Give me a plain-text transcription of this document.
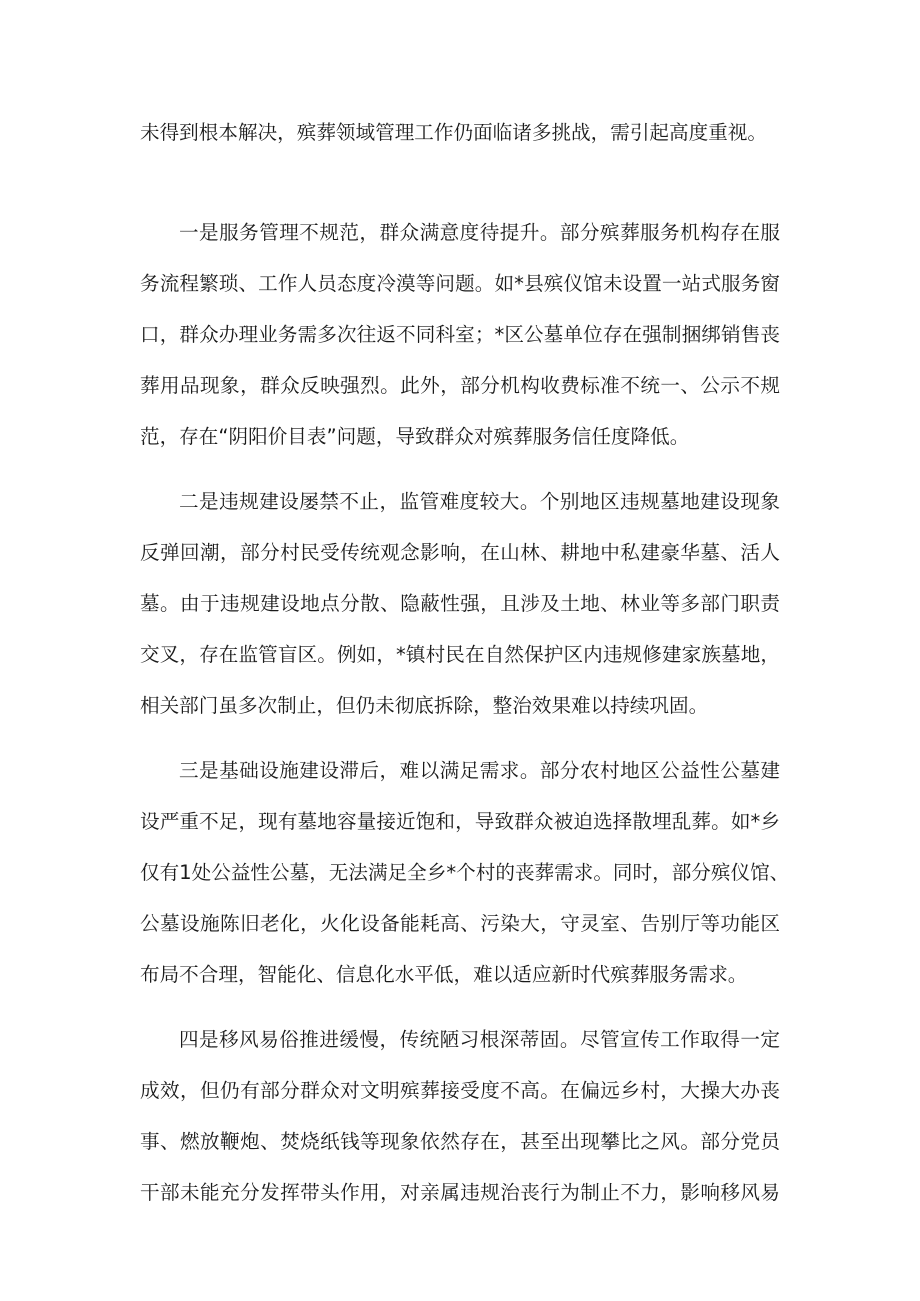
未得到根本解决，殡葬领域管理工作仍面临诸多挑战，需引起高度重视。
一是服务管理不规范，群众满意度待提升。部分殡葬服务机构存在服
务流程繁琐、工作人员态度冷漠等问题。如*县殡仪馆未设置一站式服务窗
口，群众办理业务需多次往返不同科室；*区公墓单位存在强制捆绑销售丧
葬用品现象，群众反映强烈。此外，部分机构收费标准不统一、公示不规
范，存在“阴阳价目表”问题，导致群众对殡葬服务信任度降低。
二是违规建设屡禁不止，监管难度较大。个别地区违规墓地建设现象
反弹回潮，部分村民受传统观念影响，在山林、耕地中私建豪华墓、活人
墓。由于违规建设地点分散、隐蔽性强，且涉及土地、林业等多部门职责
交叉，存在监管盲区。例如，*镇村民在自然保护区内违规修建家族墓地，
相关部门虽多次制止，但仍未彻底拆除，整治效果难以持续巩固。
三是基础设施建设滞后，难以满足需求。部分农村地区公益性公墓建
设严重不足，现有墓地容量接近饱和，导致群众被迫选择散埋乱葬。如*乡
仅有1处公益性公墓，无法满足全乡*个村的丧葬需求。同时，部分殡仪馆、
公墓设施陈旧老化，火化设备能耗高、污染大，守灵室、告别厅等功能区
布局不合理，智能化、信息化水平低，难以适应新时代殡葬服务需求。
四是移风易俗推进缓慢，传统陋习根深蒂固。尽管宣传工作取得一定
成效，但仍有部分群众对文明殡葬接受度不高。在偏远乡村，大操大办丧
事、燃放鞭炮、焚烧纸钱等现象依然存在，甚至出现攀比之风。部分党员
干部未能充分发挥带头作用，对亲属违规治丧行为制止不力，影响移风易
